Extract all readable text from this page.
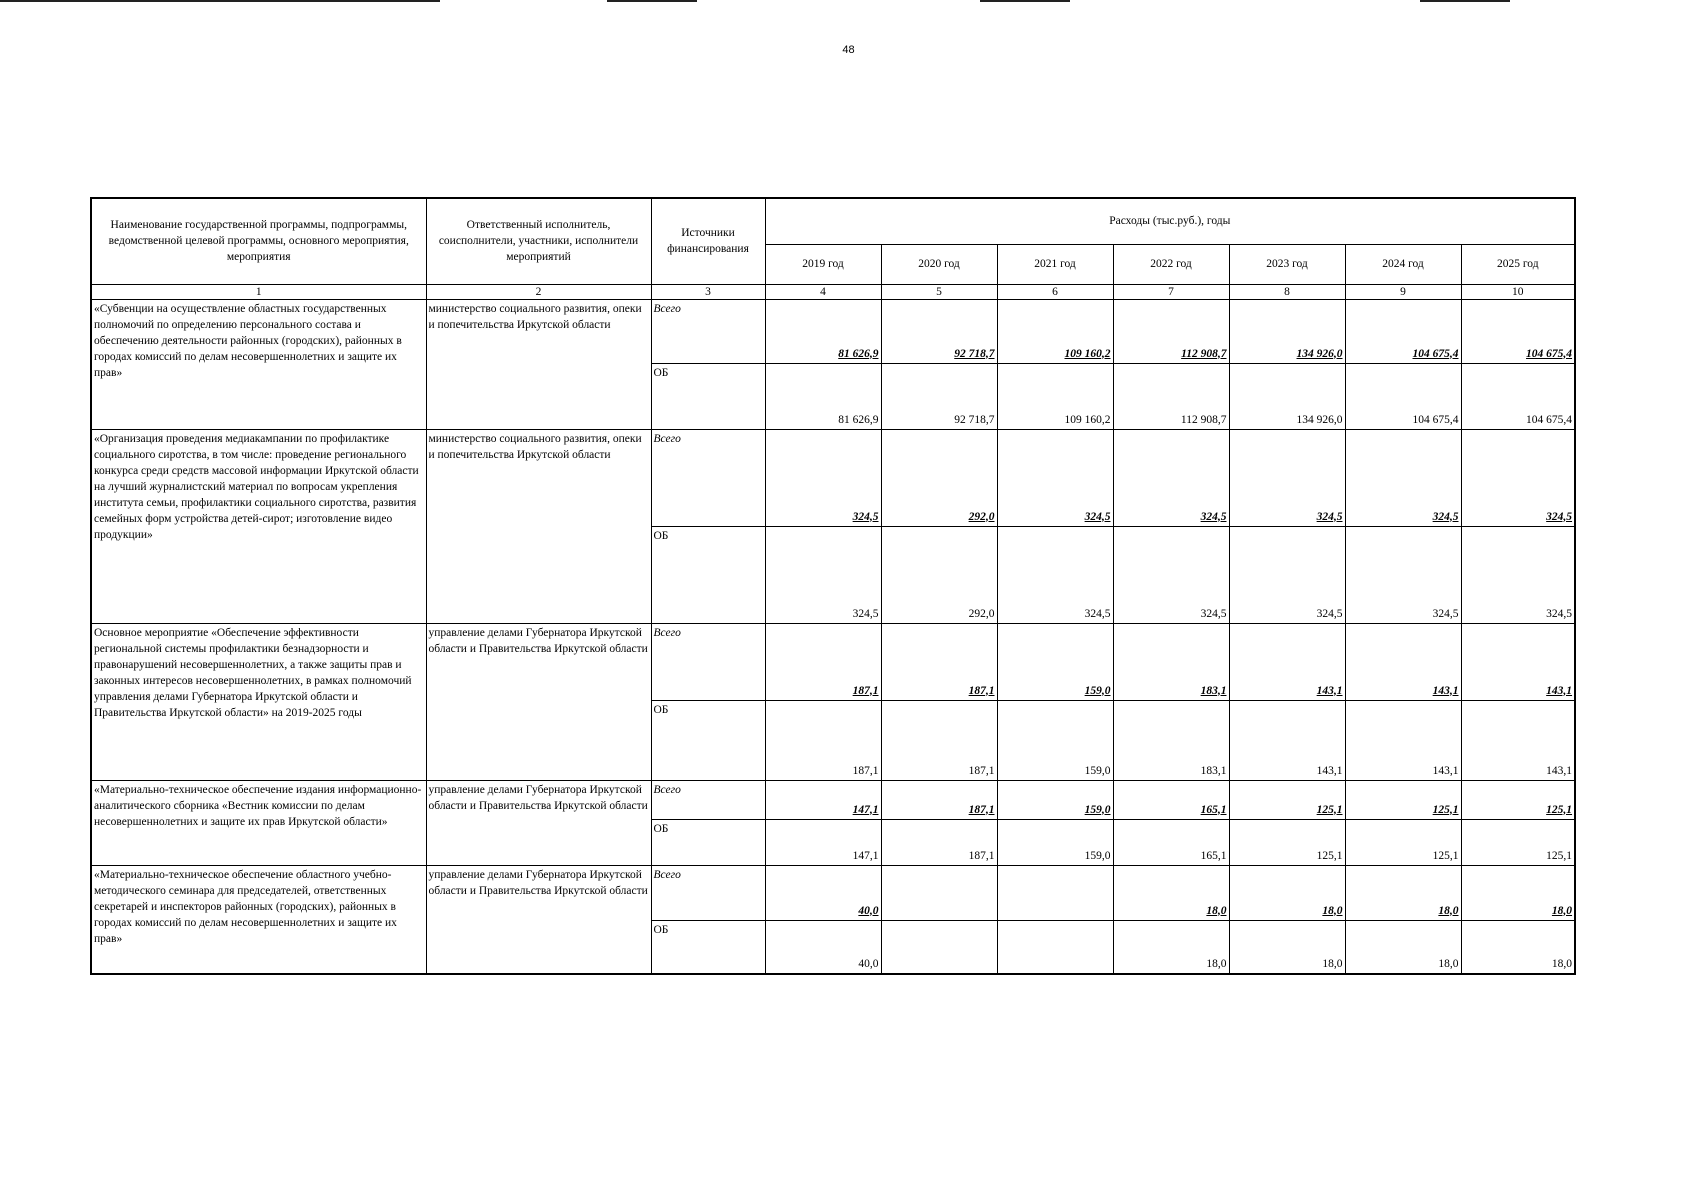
48
Наименование государственной программы, подпрограммы, ведомственной целевой программы, основного мероприятия, мероприятия	Ответственный исполнитель, соисполнители, участники, исполнители мероприятий	Источники финансирования	Расходы (тыс.руб.), годы						
			2019 год	2020 год	2021 год	2022 год	2023 год	2024 год	2025 год
1	2	3	4	5	6	7	8	9	10
«Субвенции на осуществление областных государственных полномочий по определению персонального состава и обеспечению деятельности районных (городских), районных в городах комиссий по делам несовершеннолетних и защите их прав»	министерство социального развития, опеки и попечительства Иркутской области	Всего	81 626,9	92 718,7	109 160,2	112 908,7	134 926,0	104 675,4	104 675,4
		ОБ	81 626,9	92 718,7	109 160,2	112 908,7	134 926,0	104 675,4	104 675,4
«Организация проведения медиакампании по профилактике социального сиротства, в том числе: проведение регионального конкурса среди средств массовой информации Иркутской области на лучший журналистский материал по вопросам укрепления института семьи, профилактики социального сиротства, развития семейных форм устройства детей-сирот; изготовление видео продукции»	министерство социального развития, опеки и попечительства Иркутской области	Всего	324,5	292,0	324,5	324,5	324,5	324,5	324,5
		ОБ	324,5	292,0	324,5	324,5	324,5	324,5	324,5
Основное мероприятие «Обеспечение эффективности региональной системы профилактики безнадзорности и правонарушений несовершеннолетних, а также защиты прав и законных интересов несовершеннолетних, в рамках полномочий управления делами Губернатора Иркутской области и Правительства Иркутской области» на 2019-2025 годы	управление делами Губернатора Иркутской области и Правительства Иркутской области	Всего	187,1	187,1	159,0	183,1	143,1	143,1	143,1
		ОБ	187,1	187,1	159,0	183,1	143,1	143,1	143,1
«Материально-техническое обеспечение издания информационно-аналитического сборника «Вестник комиссии по делам несовершеннолетних и защите их прав Иркутской области»	управление делами Губернатора Иркутской области и Правительства Иркутской области	Всего	147,1	187,1	159,0	165,1	125,1	125,1	125,1
		ОБ	147,1	187,1	159,0	165,1	125,1	125,1	125,1
«Материально-техническое обеспечение областного учебно-методического семинара для председателей, ответственных секретарей и инспекторов районных (городских), районных в городах комиссий по делам несовершеннолетних и защите их прав»	управление делами Губернатора Иркутской области и Правительства Иркутской области	Всего	40,0			18,0	18,0	18,0	18,0
		ОБ	40,0			18,0	18,0	18,0	18,0
